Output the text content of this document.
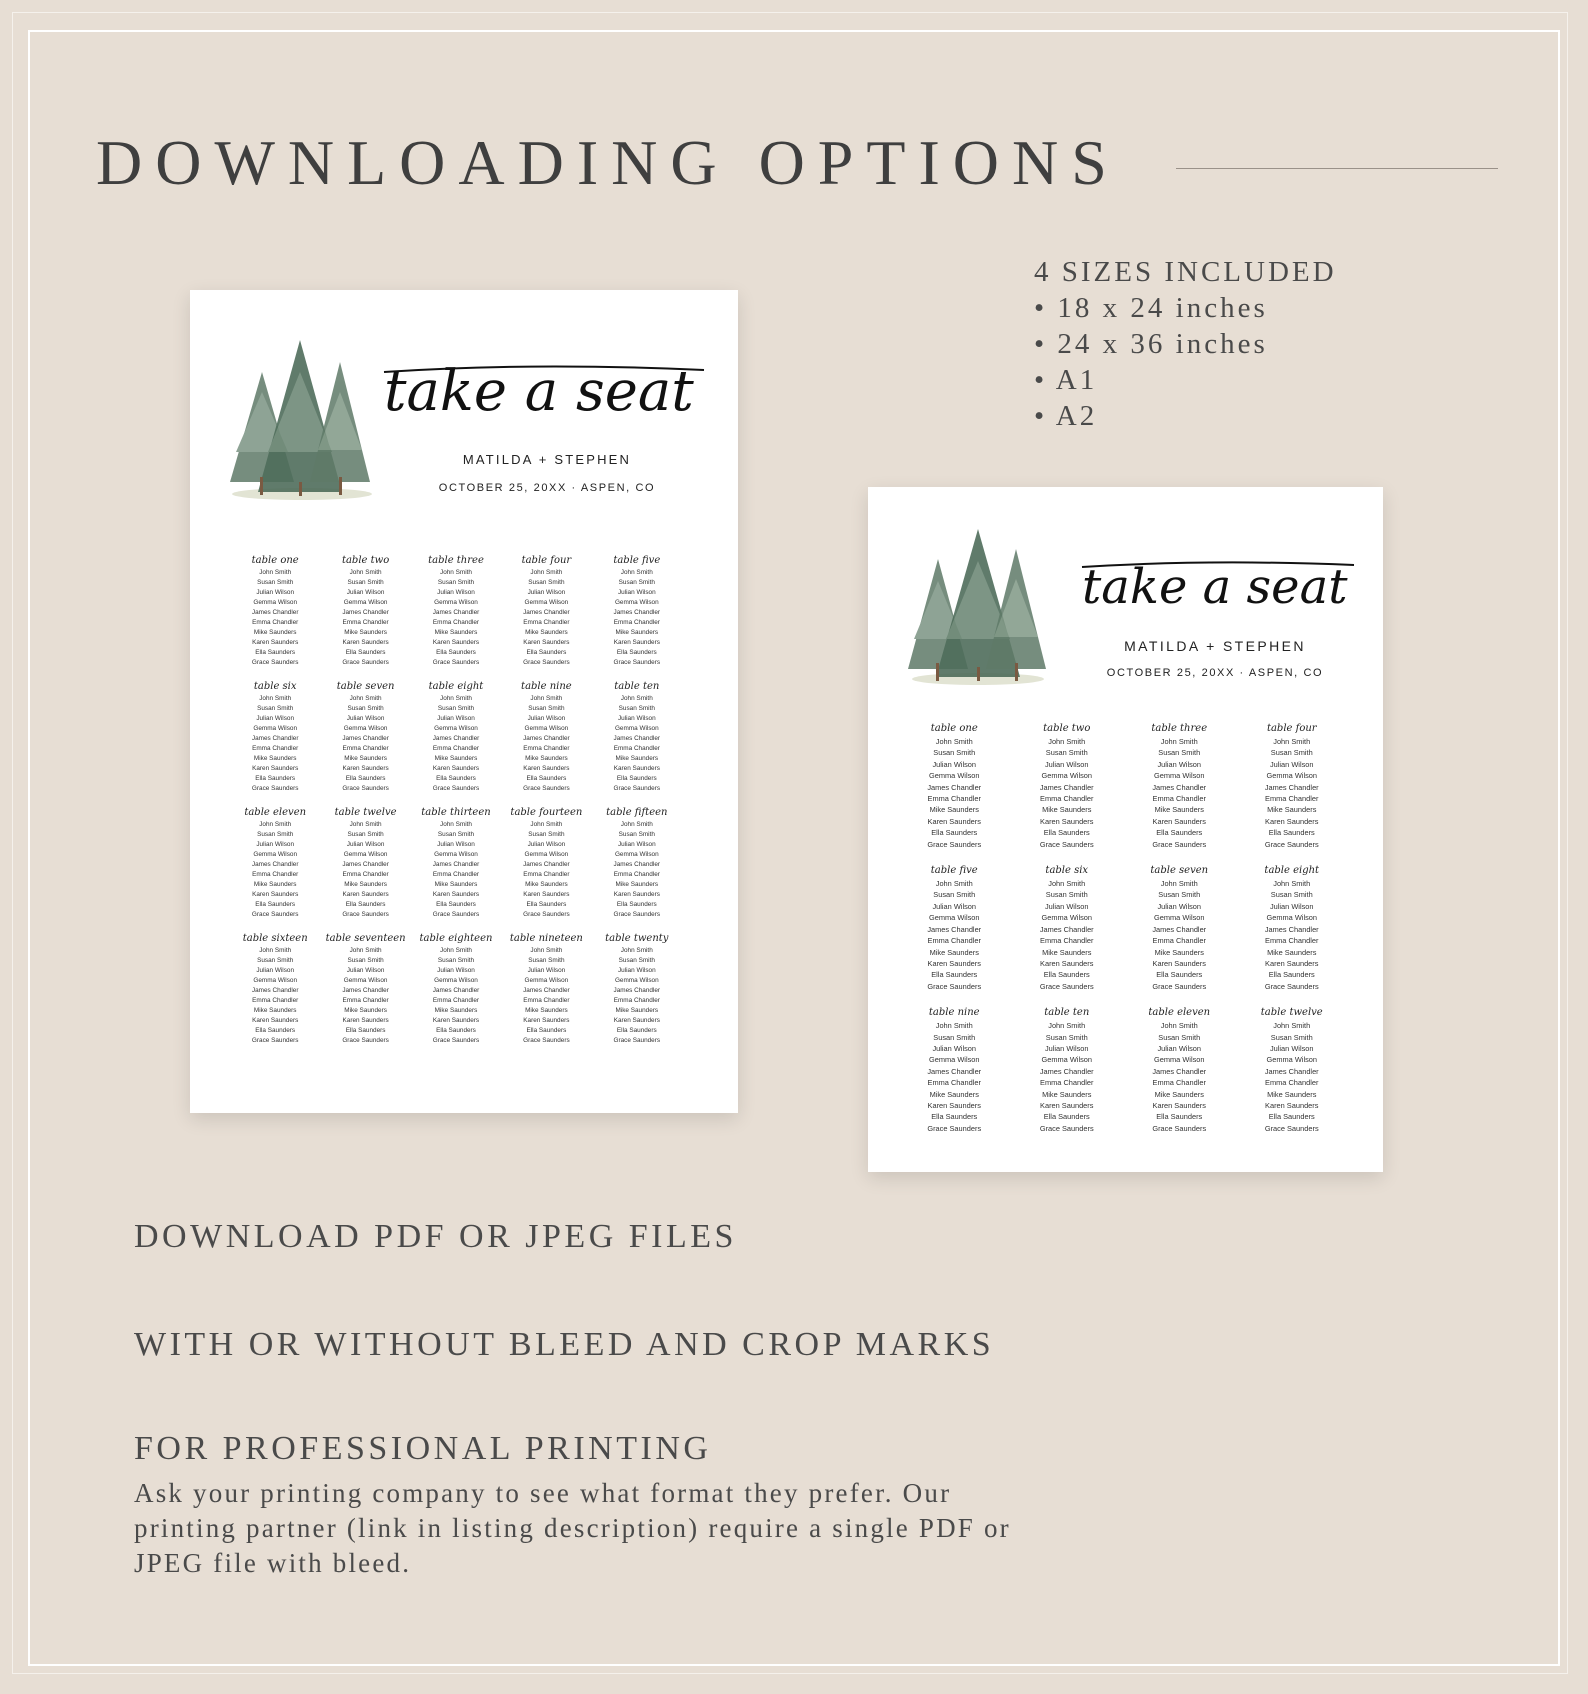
DOWNLOADING OPTIONS
4 SIZES INCLUDED
• 18 x 24 inches
• 24 x 36 inches
• A1
• A2
take a seat
MATILDA + STEPHEN
OCTOBER 25, 20XX · ASPEN, CO
table one
John Smith
Susan Smith
Julian Wilson
Gemma Wilson
James Chandler
Emma Chandler
Mike Saunders
Karen Saunders
Ella Saunders
Grace Saunders
table two
John Smith
Susan Smith
Julian Wilson
Gemma Wilson
James Chandler
Emma Chandler
Mike Saunders
Karen Saunders
Ella Saunders
Grace Saunders
table three
John Smith
Susan Smith
Julian Wilson
Gemma Wilson
James Chandler
Emma Chandler
Mike Saunders
Karen Saunders
Ella Saunders
Grace Saunders
table four
John Smith
Susan Smith
Julian Wilson
Gemma Wilson
James Chandler
Emma Chandler
Mike Saunders
Karen Saunders
Ella Saunders
Grace Saunders
table five
John Smith
Susan Smith
Julian Wilson
Gemma Wilson
James Chandler
Emma Chandler
Mike Saunders
Karen Saunders
Ella Saunders
Grace Saunders
table six
John Smith
Susan Smith
Julian Wilson
Gemma Wilson
James Chandler
Emma Chandler
Mike Saunders
Karen Saunders
Ella Saunders
Grace Saunders
table seven
John Smith
Susan Smith
Julian Wilson
Gemma Wilson
James Chandler
Emma Chandler
Mike Saunders
Karen Saunders
Ella Saunders
Grace Saunders
table eight
John Smith
Susan Smith
Julian Wilson
Gemma Wilson
James Chandler
Emma Chandler
Mike Saunders
Karen Saunders
Ella Saunders
Grace Saunders
table nine
John Smith
Susan Smith
Julian Wilson
Gemma Wilson
James Chandler
Emma Chandler
Mike Saunders
Karen Saunders
Ella Saunders
Grace Saunders
table ten
John Smith
Susan Smith
Julian Wilson
Gemma Wilson
James Chandler
Emma Chandler
Mike Saunders
Karen Saunders
Ella Saunders
Grace Saunders
table eleven
John Smith
Susan Smith
Julian Wilson
Gemma Wilson
James Chandler
Emma Chandler
Mike Saunders
Karen Saunders
Ella Saunders
Grace Saunders
table twelve
John Smith
Susan Smith
Julian Wilson
Gemma Wilson
James Chandler
Emma Chandler
Mike Saunders
Karen Saunders
Ella Saunders
Grace Saunders
table thirteen
John Smith
Susan Smith
Julian Wilson
Gemma Wilson
James Chandler
Emma Chandler
Mike Saunders
Karen Saunders
Ella Saunders
Grace Saunders
table fourteen
John Smith
Susan Smith
Julian Wilson
Gemma Wilson
James Chandler
Emma Chandler
Mike Saunders
Karen Saunders
Ella Saunders
Grace Saunders
table fifteen
John Smith
Susan Smith
Julian Wilson
Gemma Wilson
James Chandler
Emma Chandler
Mike Saunders
Karen Saunders
Ella Saunders
Grace Saunders
table sixteen
John Smith
Susan Smith
Julian Wilson
Gemma Wilson
James Chandler
Emma Chandler
Mike Saunders
Karen Saunders
Ella Saunders
Grace Saunders
table seventeen
John Smith
Susan Smith
Julian Wilson
Gemma Wilson
James Chandler
Emma Chandler
Mike Saunders
Karen Saunders
Ella Saunders
Grace Saunders
table eighteen
John Smith
Susan Smith
Julian Wilson
Gemma Wilson
James Chandler
Emma Chandler
Mike Saunders
Karen Saunders
Ella Saunders
Grace Saunders
table nineteen
John Smith
Susan Smith
Julian Wilson
Gemma Wilson
James Chandler
Emma Chandler
Mike Saunders
Karen Saunders
Ella Saunders
Grace Saunders
table twenty
John Smith
Susan Smith
Julian Wilson
Gemma Wilson
James Chandler
Emma Chandler
Mike Saunders
Karen Saunders
Ella Saunders
Grace Saunders
take a seat
MATILDA + STEPHEN
OCTOBER 25, 20XX · ASPEN, CO
table one
John Smith
Susan Smith
Julian Wilson
Gemma Wilson
James Chandler
Emma Chandler
Mike Saunders
Karen Saunders
Ella Saunders
Grace Saunders
table two
John Smith
Susan Smith
Julian Wilson
Gemma Wilson
James Chandler
Emma Chandler
Mike Saunders
Karen Saunders
Ella Saunders
Grace Saunders
table three
John Smith
Susan Smith
Julian Wilson
Gemma Wilson
James Chandler
Emma Chandler
Mike Saunders
Karen Saunders
Ella Saunders
Grace Saunders
table four
John Smith
Susan Smith
Julian Wilson
Gemma Wilson
James Chandler
Emma Chandler
Mike Saunders
Karen Saunders
Ella Saunders
Grace Saunders
table five
John Smith
Susan Smith
Julian Wilson
Gemma Wilson
James Chandler
Emma Chandler
Mike Saunders
Karen Saunders
Ella Saunders
Grace Saunders
table six
John Smith
Susan Smith
Julian Wilson
Gemma Wilson
James Chandler
Emma Chandler
Mike Saunders
Karen Saunders
Ella Saunders
Grace Saunders
table seven
John Smith
Susan Smith
Julian Wilson
Gemma Wilson
James Chandler
Emma Chandler
Mike Saunders
Karen Saunders
Ella Saunders
Grace Saunders
table eight
John Smith
Susan Smith
Julian Wilson
Gemma Wilson
James Chandler
Emma Chandler
Mike Saunders
Karen Saunders
Ella Saunders
Grace Saunders
table nine
John Smith
Susan Smith
Julian Wilson
Gemma Wilson
James Chandler
Emma Chandler
Mike Saunders
Karen Saunders
Ella Saunders
Grace Saunders
table ten
John Smith
Susan Smith
Julian Wilson
Gemma Wilson
James Chandler
Emma Chandler
Mike Saunders
Karen Saunders
Ella Saunders
Grace Saunders
table eleven
John Smith
Susan Smith
Julian Wilson
Gemma Wilson
James Chandler
Emma Chandler
Mike Saunders
Karen Saunders
Ella Saunders
Grace Saunders
table twelve
John Smith
Susan Smith
Julian Wilson
Gemma Wilson
James Chandler
Emma Chandler
Mike Saunders
Karen Saunders
Ella Saunders
Grace Saunders
DOWNLOAD PDF OR JPEG FILES
WITH OR WITHOUT BLEED AND CROP MARKS
FOR PROFESSIONAL PRINTING
Ask your printing company to see what format they prefer. Our printing partner (link in listing description) require a single PDF or JPEG file with bleed.
